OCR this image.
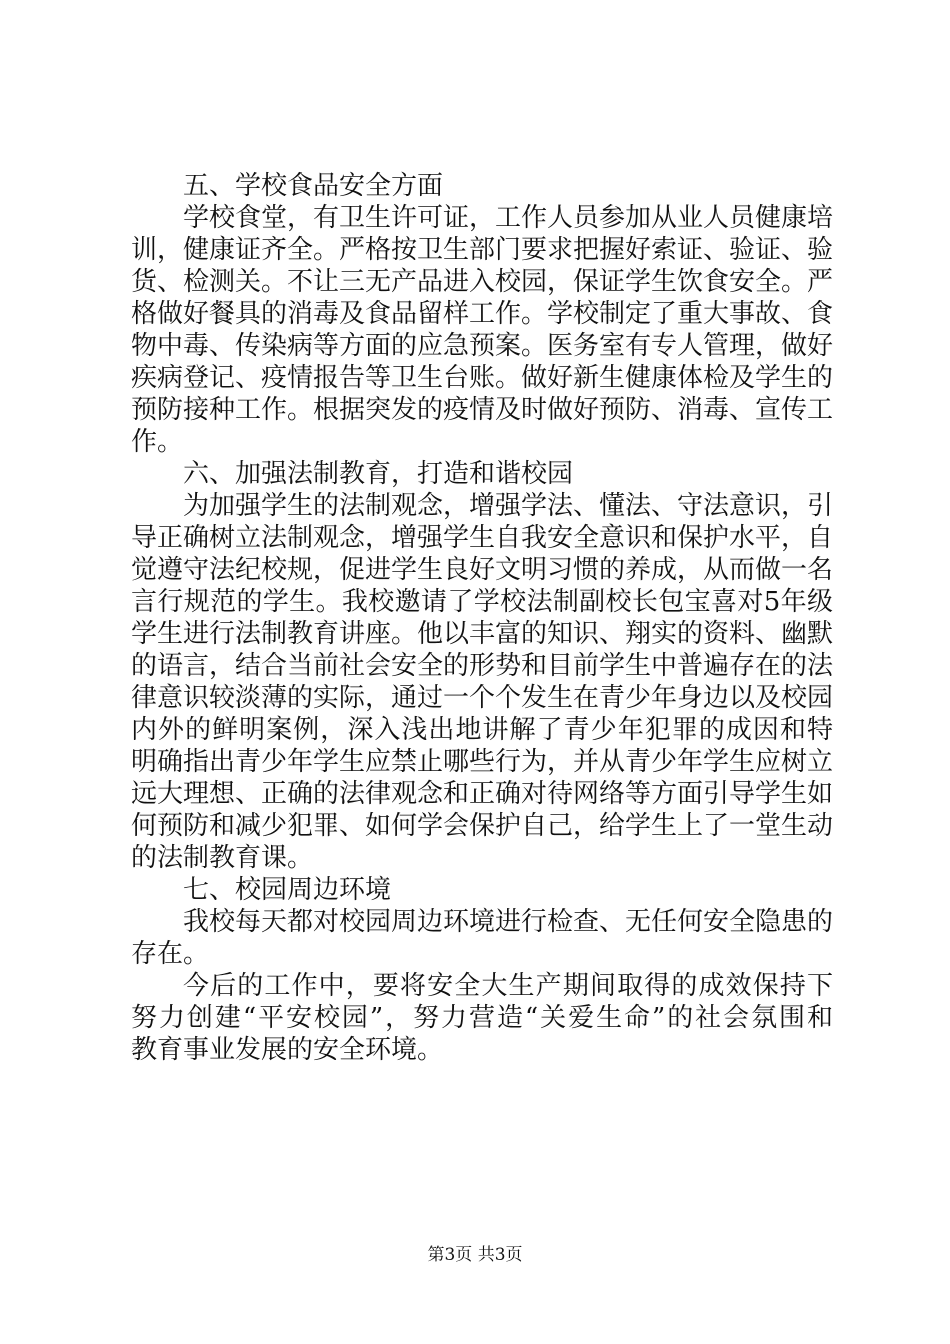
五、学校食品安全方面

学校食堂，有卫生许可证，工作人员参加从业人员健康培

训，健康证齐全。严格按卫生部门要求把握好索证、验证、验

货、检测关。不让三无产品进入校园，保证学生饮食安全。严

格做好餐具的消毒及食品留样工作。学校制定了重大事故、食

物中毒、传染病等方面的应急预案。医务室有专人管理，做好

疾病登记、疫情报告等卫生台账。做好新生健康体检及学生的

预防接种工作。根据突发的疫情及时做好预防、消毒、宣传工

作。

六、加强法制教育，打造和谐校园

为加强学生的法制观念，增强学法、懂法、守法意识，引

导正确树立法制观念，增强学生自我安全意识和保护水平，自

觉遵守法纪校规，促进学生良好文明习惯的养成，从而做一名

言行规范的学生。我校邀请了学校法制副校长包宝喜对5年级

学生进行法制教育讲座。他以丰富的知识、翔实的资料、幽默

的语言，结合当前社会安全的形势和目前学生中普遍存在的法

律意识较淡薄的实际，通过一个个发生在青少年身边以及校园

内外的鲜明案例，深入浅出地讲解了青少年犯罪的成因和特

明确指出青少年学生应禁止哪些行为，并从青少年学生应树立

远大理想、正确的法律观念和正确对待网络等方面引导学生如

何预防和减少犯罪、如何学会保护自己，给学生上了一堂生动

的法制教育课。

七、校园周边环境

我校每天都对校园周边环境进行检查、无任何安全隐患的

存在。

今后的工作中，要将安全大生产期间取得的成效保持下

努力创建“平安校园”，努力营造“关爱生命”的社会氛围和

教育事业发展的安全环境。

第3页 共3页
